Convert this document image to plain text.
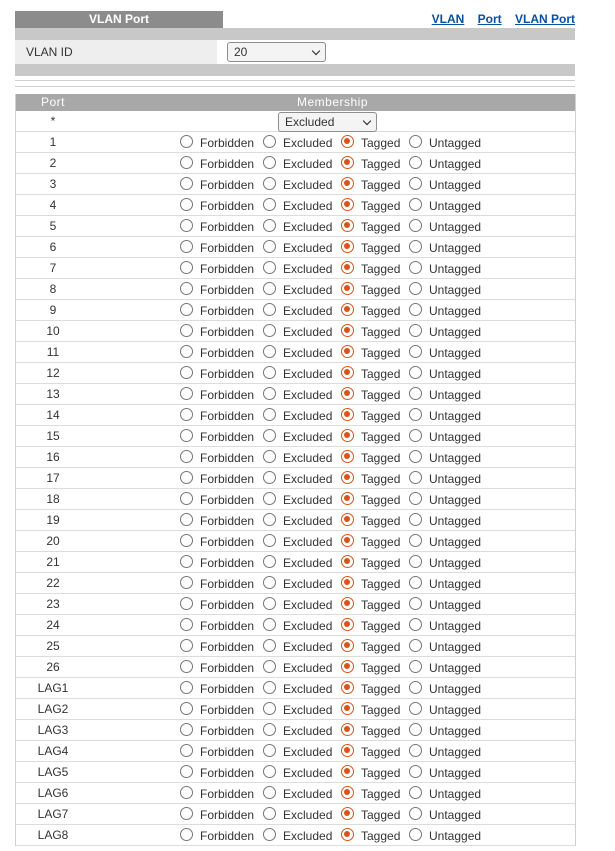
VLAN Port	VLAN Port VLAN Port
VLAN ID	20
Port	Membership
*	Excluded
1	Forbidden Excluded Tagged Untagged
2	Forbidden Excluded Tagged Untagged
3	Forbidden Excluded Tagged Untagged
4	Forbidden Excluded Tagged Untagged
5	Forbidden Excluded Tagged Untagged
6	Forbidden Excluded Tagged Untagged
7	Forbidden Excluded Tagged Untagged
8	Forbidden Excluded Tagged Untagged
9	Forbidden Excluded Tagged Untagged
10	Forbidden Excluded Tagged Untagged
11	Forbidden Excluded Tagged Untagged
12	Forbidden Excluded Tagged Untagged
13	Forbidden Excluded Tagged Untagged
14	Forbidden Excluded Tagged Untagged
15	Forbidden Excluded Tagged Untagged
16	Forbidden Excluded Tagged Untagged
17	Forbidden Excluded Tagged Untagged
18	Forbidden Excluded Tagged Untagged
19	Forbidden Excluded Tagged Untagged
20	Forbidden Excluded Tagged Untagged
21	Forbidden Excluded Tagged Untagged
22	Forbidden Excluded Tagged Untagged
23	Forbidden Excluded Tagged Untagged
24	Forbidden Excluded Tagged Untagged
25	Forbidden Excluded Tagged Untagged
26	Forbidden Excluded Tagged Untagged
LAG1	Forbidden Excluded Tagged Untagged
LAG2	Forbidden Excluded Tagged Untagged
LAG3	Forbidden Excluded Tagged Untagged
LAG4	Forbidden Excluded Tagged Untagged
LAG5	Forbidden Excluded Tagged Untagged
LAG6	Forbidden Excluded Tagged Untagged
LAG7	Forbidden Excluded Tagged Untagged
LAG8	Forbidden Excluded Tagged Untagged
